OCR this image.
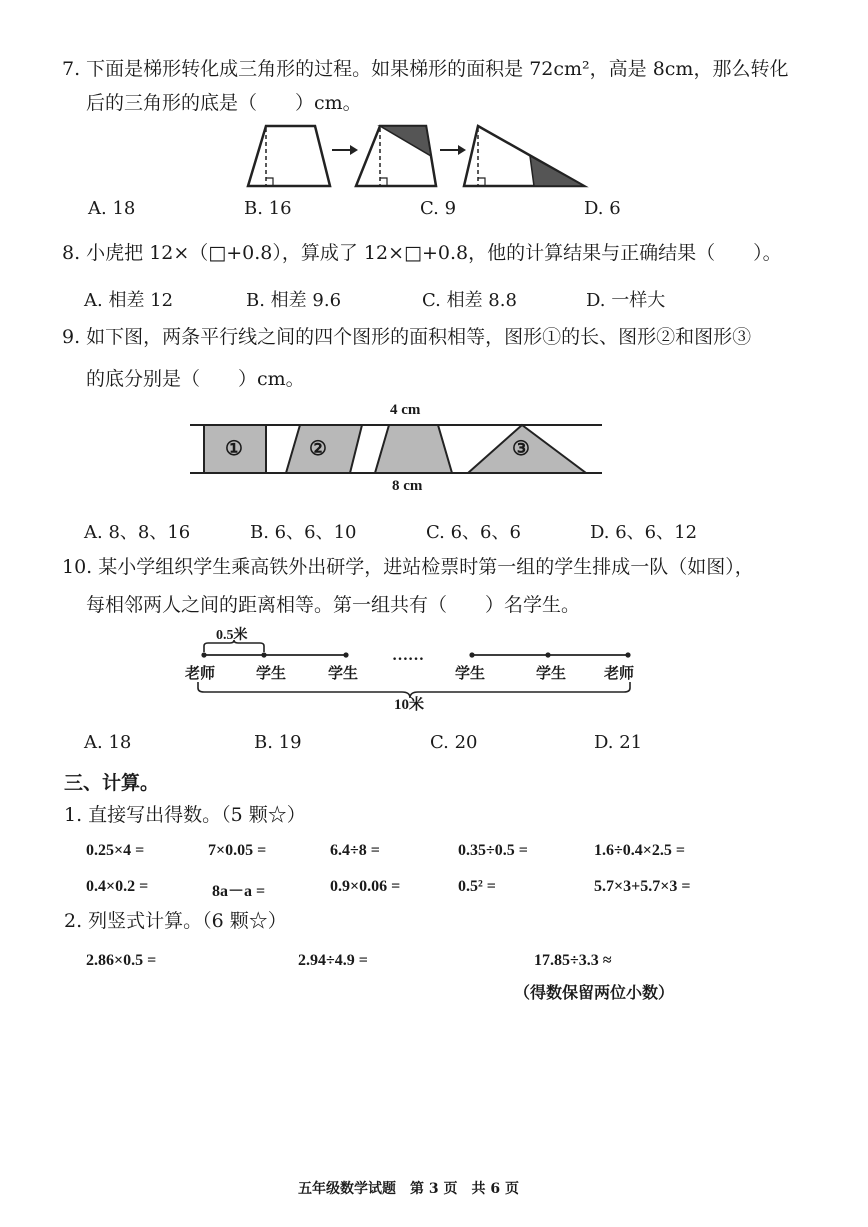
7. 下面是梯形转化成三角形的过程。如果梯形的面积是 72cm²，高是 8cm，那么转化
后的三角形的底是（　　）cm。
A. 18	B. 16	C. 9	D. 6
8. 小虎把 12×（□+0.8），算成了 12×□+0.8，他的计算结果与正确结果（　　）。
A. 相差 12	B. 相差 9.6	C. 相差 8.8	D. 一样大
9. 如下图，两条平行线之间的四个图形的面积相等，图形①的长、图形②和图形③
的底分别是（　　）cm。
4 cm
①	②	③
8 cm
A. 8、8、16	B. 6、6、10	C. 6、6、6	D. 6、6、12
10. 某小学组织学生乘高铁外出研学，进站检票时第一组的学生排成一队（如图），
每相邻两人之间的距离相等。第一组共有（　　）名学生。
0.5米
……
老师	学生	学生	学生	学生	老师
10米
A. 18	B. 19	C. 20	D. 21
三、计算。
1. 直接写出得数。（5 颗☆）
0.25×4 =	7×0.05 =	6.4÷8 =	0.35÷0.5 =	1.6÷0.4×2.5 =
0.4×0.2 =	8a－a =	0.9×0.06 =	0.5² =	5.7×3+5.7×3 =
2. 列竖式计算。（6 颗☆）
2.86×0.5 =	2.94÷4.9 =	17.85÷3.3 ≈
（得数保留两位小数）
五年级数学试题　第 3 页　共 6 页
